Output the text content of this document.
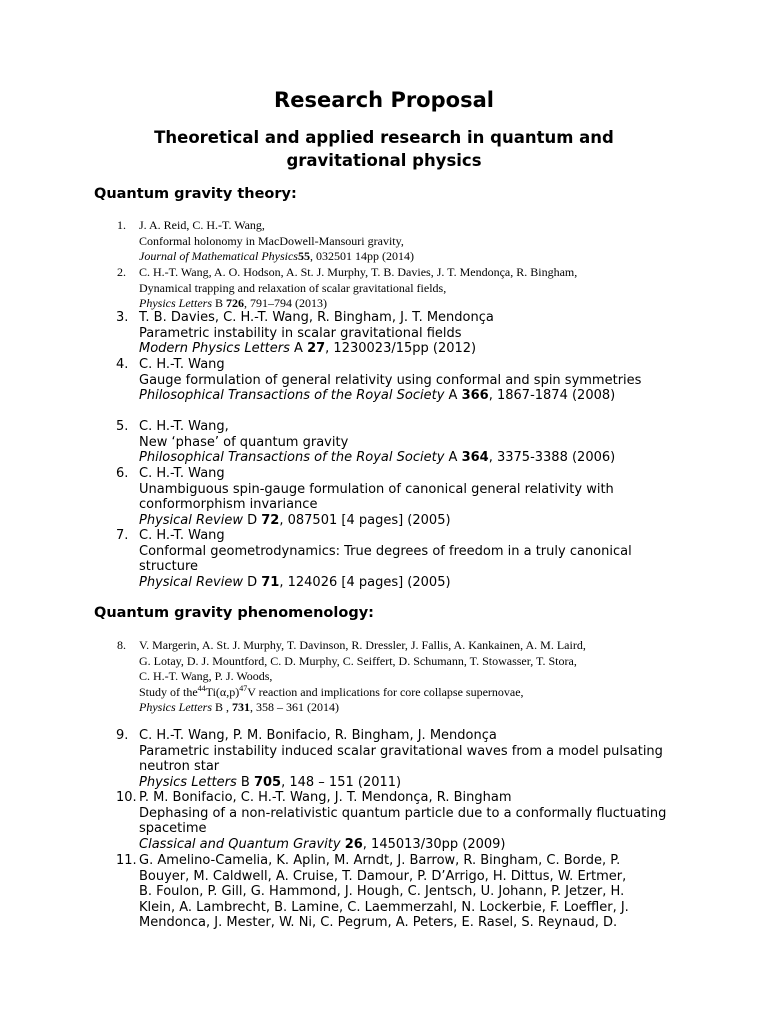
Research Proposal
Theoretical and applied research in quantum and gravitational physics
Quantum gravity theory:
1. J. A. Reid, C. H.-T. Wang,
Conformal holonomy in MacDowell-Mansouri gravity,
Journal of Mathematical Physics55, 032501 14pp (2014)
2. C. H.-T. Wang, A. O. Hodson, A. St. J. Murphy, T. B. Davies, J. T. Mendonça, R. Bingham,
Dynamical trapping and relaxation of scalar gravitational fields,
Physics Letters B 726, 791–794 (2013)
3. T. B. Davies, C. H.-T. Wang, R. Bingham, J. T. Mendonça
Parametric instability in scalar gravitational fields
Modern Physics Letters A 27, 1230023/15pp (2012)
4. C. H.-T. Wang
Gauge formulation of general relativity using conformal and spin symmetries
Philosophical Transactions of the Royal Society A 366, 1867-1874 (2008)
5. C. H.-T. Wang,
New ‘phase’ of quantum gravity
Philosophical Transactions of the Royal Society A 364, 3375-3388 (2006)
6. C. H.-T. Wang
Unambiguous spin-gauge formulation of canonical general relativity with conformorphism invariance
Physical Review D 72, 087501 [4 pages] (2005)
7. C. H.-T. Wang
Conformal geometrodynamics: True degrees of freedom in a truly canonical structure
Physical Review D 71, 124026 [4 pages] (2005)
Quantum gravity phenomenology:
8. V. Margerin, A. St. J. Murphy, T. Davinson, R. Dressler, J. Fallis, A. Kankainen, A. M. Laird,
G. Lotay, D. J. Mountford, C. D. Murphy, C. Seiffert, D. Schumann, T. Stowasser, T. Stora,
C. H.-T. Wang, P. J. Woods,
Study of $the^{44}Ti(\alpha,p)^{47}V$ reaction and implications for core collapse supernovae,
Physics Letters B , 731, 358 – 361 (2014)
9. C. H.-T. Wang, P. M. Bonifacio, R. Bingham, J. Mendonça
Parametric instability induced scalar gravitational waves from a model pulsating neutron star
Physics Letters B 705, 148 – 151 (2011)
10. P. M. Bonifacio, C. H.-T. Wang, J. T. Mendonça, R. Bingham
Dephasing of a non-relativistic quantum particle due to a conformally fluctuating spacetime
Classical and Quantum Gravity 26, 145013/30pp (2009)
11. G. Amelino-Camelia, K. Aplin, M. Arndt, J. Barrow, R. Bingham, C. Borde, P.
Bouyer, M. Caldwell, A. Cruise, T. Damour, P. D’Arrigo, H. Dittus, W. Ertmer,
B. Foulon, P. Gill, G. Hammond, J. Hough, C. Jentsch, U. Johann, P. Jetzer, H.
Klein, A. Lambrecht, B. Lamine, C. Laemmerzahl, N. Lockerbie, F. Loeffler, J.
Mendonca, J. Mester, W. Ni, C. Pegrum, A. Peters, E. Rasel, S. Reynaud, D.
